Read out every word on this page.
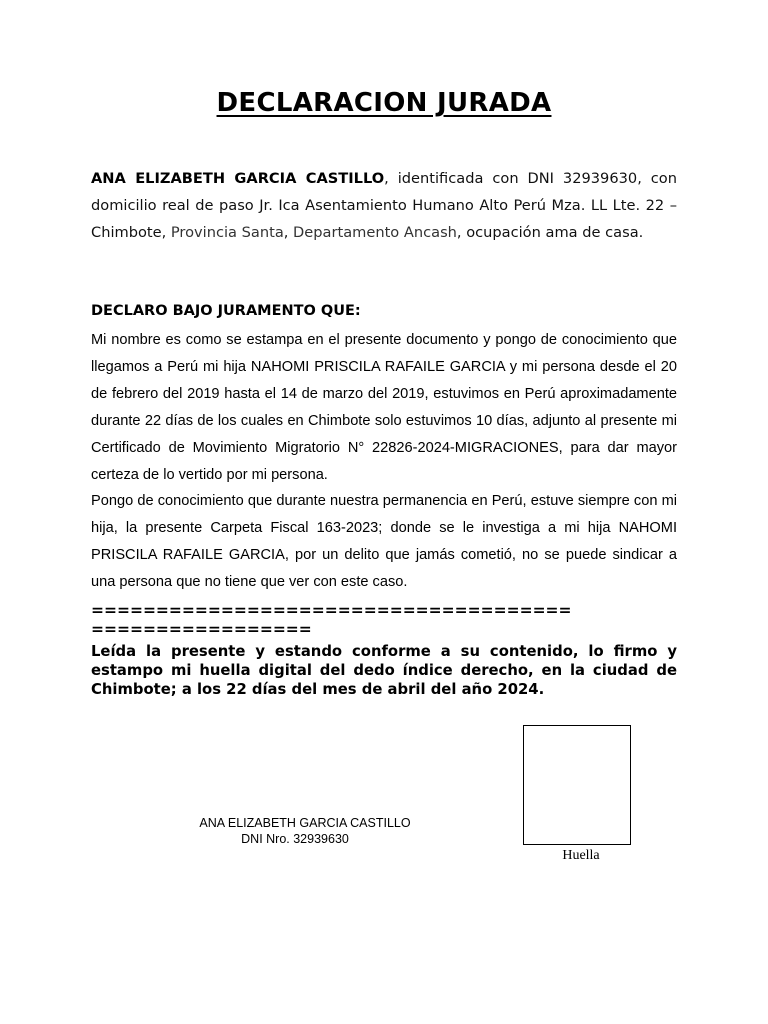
DECLARACION JURADA
ANA ELIZABETH GARCIA CASTILLO, identificada con DNI 32939630, con domicilio real de paso Jr. Ica Asentamiento Humano Alto Perú Mza. LL Lte. 22 – Chimbote, Provincia Santa, Departamento Ancash, ocupación ama de casa.
DECLARO BAJO JURAMENTO QUE:
Mi nombre es como se estampa en el presente documento y pongo de conocimiento que llegamos a Perú mi hija NAHOMI PRISCILA RAFAILE GARCIA y mi persona desde el 20 de febrero del 2019 hasta el 14 de marzo del 2019, estuvimos en Perú aproximadamente durante 22 días de los cuales en Chimbote solo estuvimos 10 días, adjunto al presente mi Certificado de Movimiento Migratorio N° 22826-2024-MIGRACIONES, para dar mayor certeza de lo vertido por mi persona.
Pongo de conocimiento que durante nuestra permanencia en Perú, estuve siempre con mi hija, la presente Carpeta Fiscal 163-2023; donde se le investiga a mi hija NAHOMI PRISCILA RAFAILE GARCIA, por un delito que jamás cometió, no se puede sindicar a una persona que no tiene que ver con este caso.
=====================================
=================
Leída la presente y estando conforme a su contenido, lo firmo y estampo mi huella digital del dedo índice derecho, en la ciudad de Chimbote; a los 22 días del mes de abril del año 2024.
ANA ELIZABETH GARCIA CASTILLO
DNI Nro. 32939630
Huella
